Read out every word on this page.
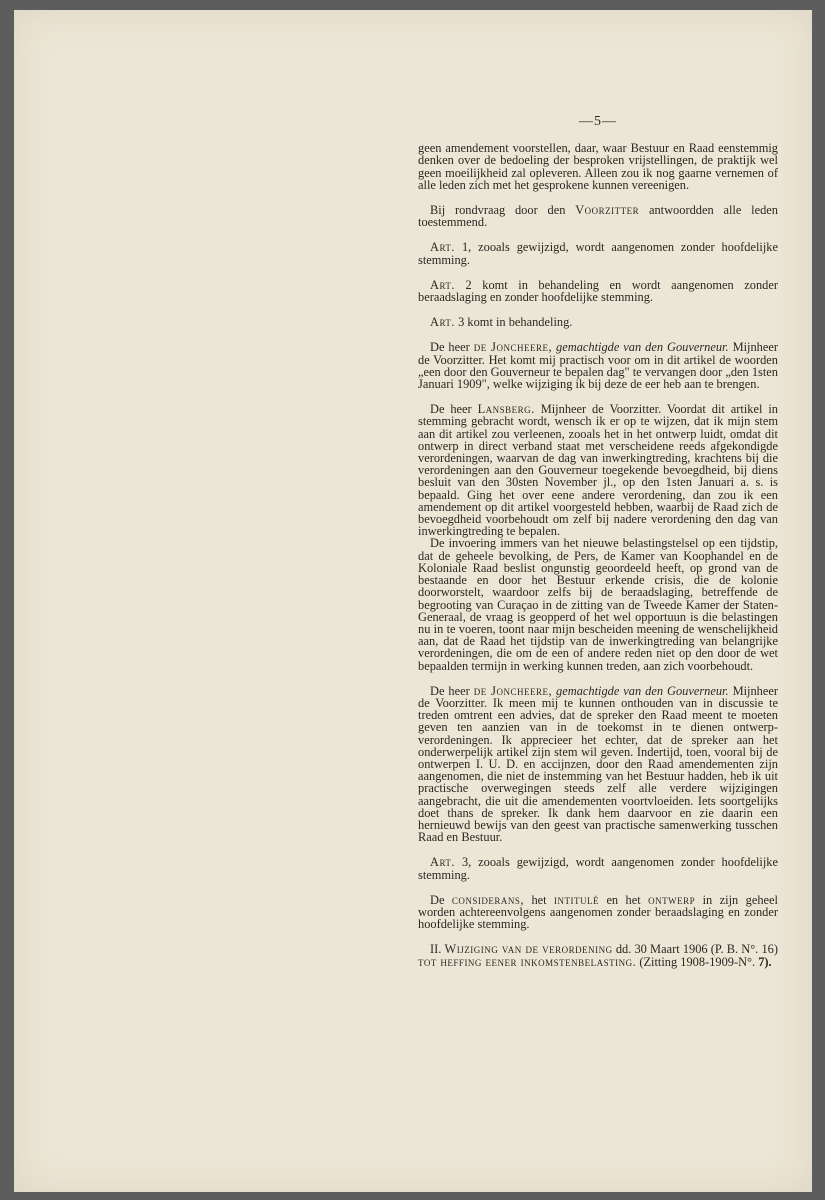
—5—

geen amendement voorstellen, daar, waar Bestuur en Raad eenstemmig denken over de bedoeling der besproken vrijstellingen, de praktijk wel geen moeilijkheid zal opleveren. Alleen zou ik nog gaarne vernemen of alle leden zich met het gesprokene kunnen vereenigen.

Bij rondvraag door den Voorzitter antwoordden alle leden toestemmend.

Art. 1, zooals gewijzigd, wordt aangenomen zonder hoofdelijke stemming.

Art. 2 komt in behandeling en wordt aangenomen zonder beraadslaging en zonder hoofdelijke stemming.

Art. 3 komt in behandeling.

De heer de Joncheere, gemachtigde van den Gouverneur. Mijnheer de Voorzitter. Het komt mij practisch voor om in dit artikel de woorden „een door den Gouverneur te bepalen dag" te vervangen door „den 1sten Januari 1909", welke wijziging ik bij deze de eer heb aan te brengen.

De heer Lansberg. Mijnheer de Voorzitter. Voordat dit artikel in stemming gebracht wordt, wensch ik er op te wijzen, dat ik mijn stem aan dit artikel zou verleenen, zooals het in het ontwerp luidt, omdat dit ontwerp in direct verband staat met verscheidene reeds afgekondigde verordeningen, waarvan de dag van inwerkingtreding, krachtens bij die verordeningen aan den Gouverneur toegekende bevoegdheid, bij diens besluit van den 30sten November jl., op den 1sten Januari a. s. is bepaald. Ging het over eene andere verordening, dan zou ik een amendement op dit artikel voorgesteld hebben, waarbij de Raad zich de bevoegdheid voorbehoudt om zelf bij nadere verordening den dag van inwerkingtreding te bepalen.

De invoering immers van het nieuwe belastingstelsel op een tijdstip, dat de geheele bevolking, de Pers, de Kamer van Koophandel en de Koloniale Raad beslist ongunstig geoordeeld heeft, op grond van de bestaande en door het Bestuur erkende crisis, die de kolonie doorworstelt, waardoor zelfs bij de beraadslaging, betreffende de begrooting van Curaçao in de zitting van de Tweede Kamer der Staten-Generaal, de vraag is geopperd of het wel opportuun is die belastingen nu in te voeren, toont naar mijn bescheiden meening de wenschelijkheid aan, dat de Raad het tijdstip van de inwerkingtreding van belangrijke verordeningen, die om de een of andere reden niet op den door de wet bepaalden termijn in werking kunnen treden, aan zich voorbehoudt.

De heer de Joncheere, gemachtigde van den Gouverneur. Mijnheer de Voorzitter. Ik meen mij te kunnen onthouden van in discussie te treden omtrent een advies, dat de spreker den Raad meent te moeten geven ten aanzien van in de toekomst in te dienen ontwerp-verordeningen. Ik apprecieer het echter, dat de spreker aan het onderwerpelijk artikel zijn stem wil geven. Indertijd, toen, vooral bij de ontwerpen I. U. D. en accijnzen, door den Raad amendementen zijn aangenomen, die niet de instemming van het Bestuur hadden, heb ik uit practische overwegingen steeds zelf alle verdere wijzigingen aangebracht, die uit die amendementen voortvloeiden. Iets soortgelijks doet thans de spreker. Ik dank hem daarvoor en zie daarin een hernieuwd bewijs van den geest van practische samenwerking tusschen Raad en Bestuur.

Art. 3, zooals gewijzigd, wordt aangenomen zonder hoofdelijke stemming.

De considerans, het intitulé en het ontwerp in zijn geheel worden achtereenvolgens aangenomen zonder beraadslaging en zonder hoofdelijke stemming.

II. Wijziging van de verordening dd. 30 Maart 1906 (P. B. N°. 16) tot heffing eener inkomstenbelasting. (Zitting 1908-1909-N°. 7).
